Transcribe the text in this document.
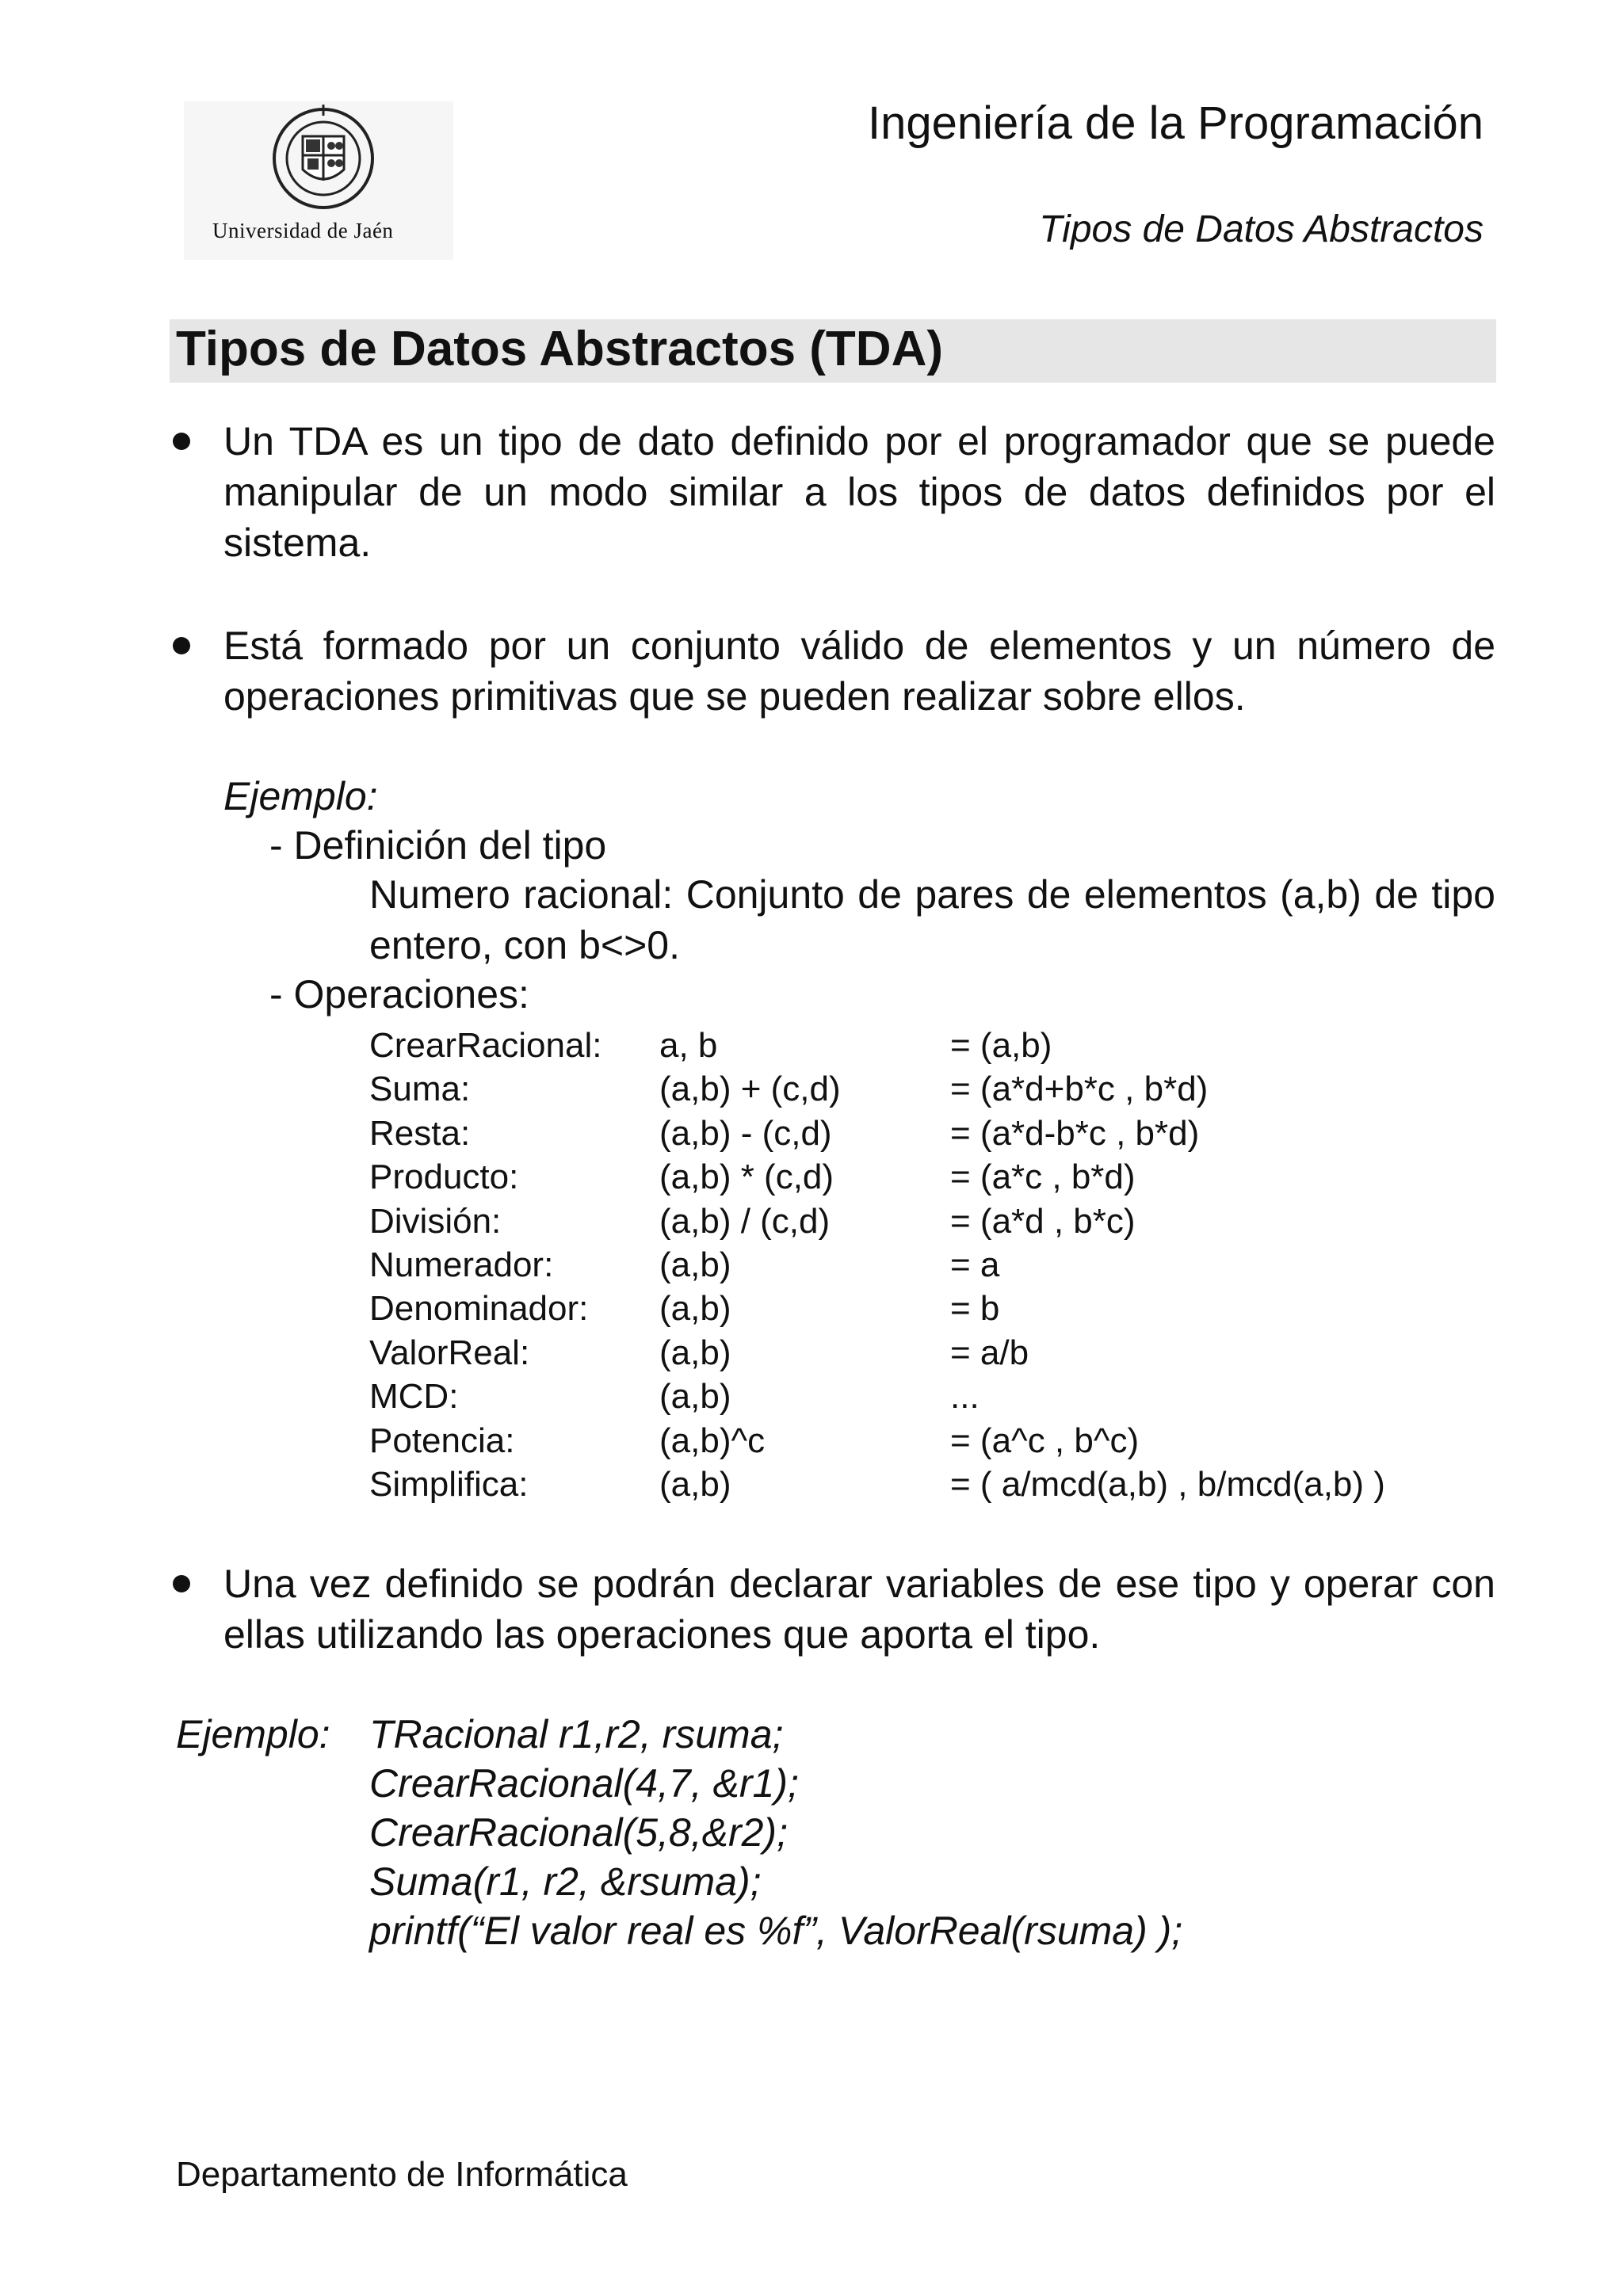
Universidad de Jaén
Ingeniería de la Programación
Tipos de Datos Abstractos
Tipos de Datos Abstractos (TDA)
Un TDA es un tipo de dato definido por el programador que se puede manipular de un modo similar a los tipos de datos definidos por el sistema.
Está formado por un conjunto válido de elementos y un número de operaciones primitivas que se pueden realizar sobre ellos.
Ejemplo:
- Definición del tipo
Numero racional: Conjunto de pares de elementos (a,b) de tipo entero, con b<>0.
- Operaciones:
CrearRacional:	a, b	= (a,b)
Suma:	(a,b) + (c,d)	= (a*d+b*c , b*d)
Resta:	(a,b) - (c,d)	= (a*d-b*c , b*d)
Producto:	(a,b) * (c,d)	= (a*c , b*d)
División:	(a,b) / (c,d)	= (a*d , b*c)
Numerador:	(a,b)	= a
Denominador:	(a,b)	= b
ValorReal:	(a,b)	= a/b
MCD:	(a,b)	...
Potencia:	(a,b)^c	= (a^c , b^c)
Simplifica:	(a,b)	= ( a/mcd(a,b) , b/mcd(a,b) )
Una vez definido se podrán declarar variables de ese tipo y operar con ellas utilizando las operaciones que aporta el tipo.
Ejemplo: TRacional r1,r2, rsuma;
CrearRacional(4,7, &r1);
CrearRacional(5,8,&r2);
Suma(r1, r2, &rsuma);
printf(“El valor real es %f”, ValorReal(rsuma) );
Departamento de Informática
